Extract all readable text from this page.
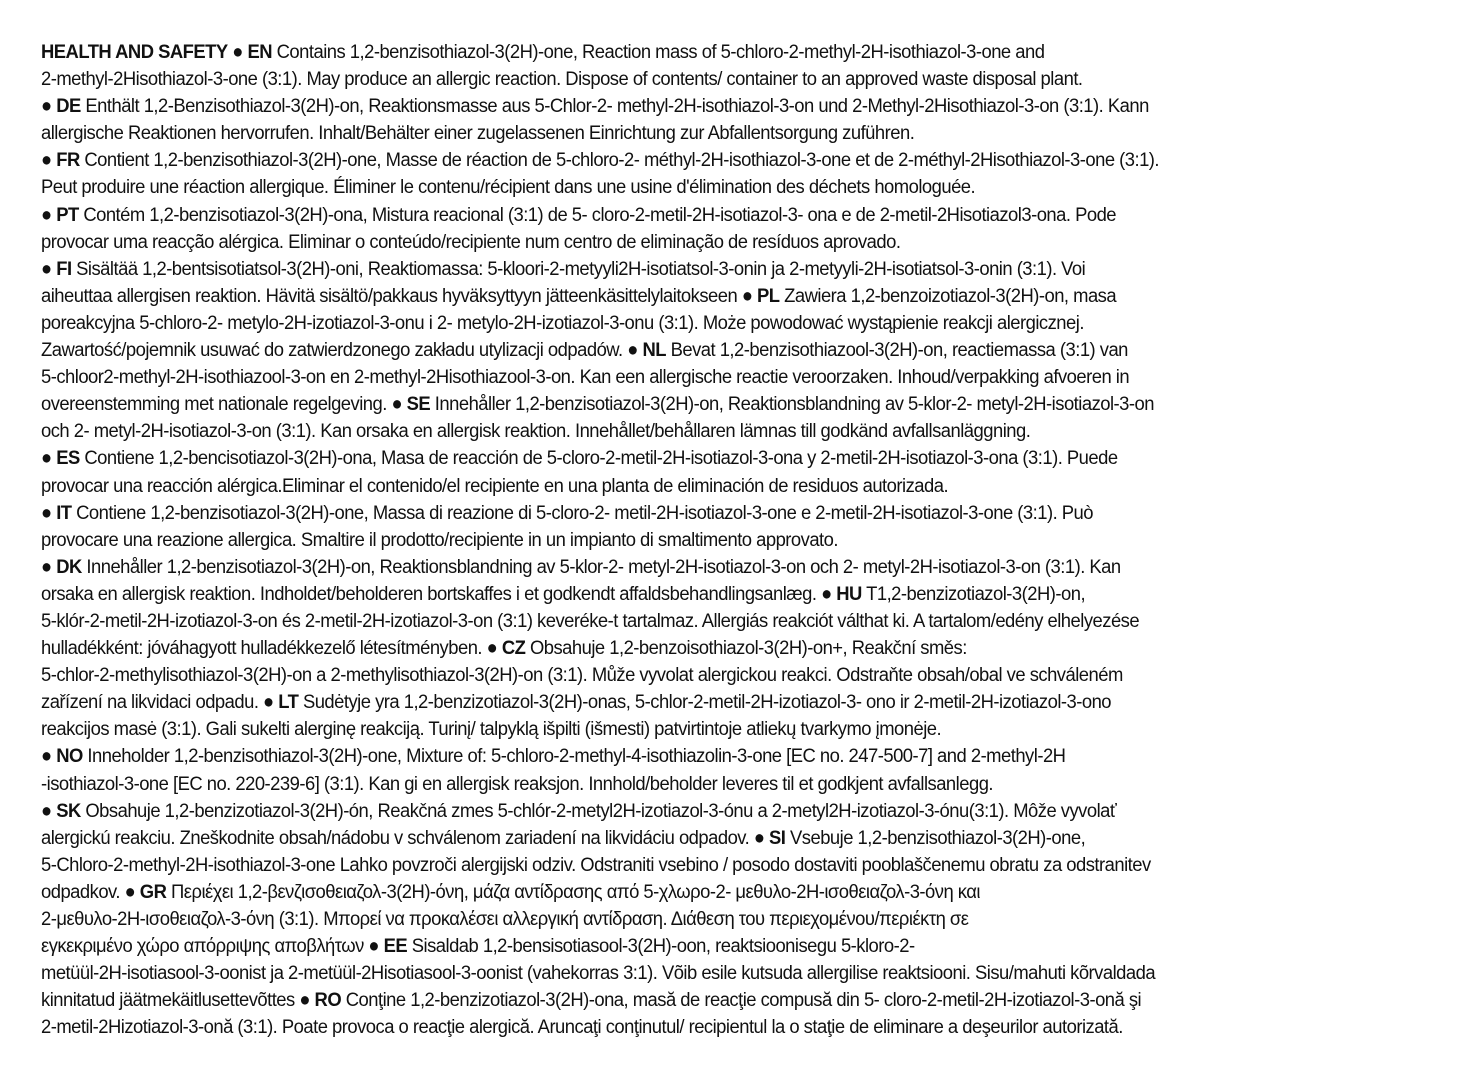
HEALTH AND SAFETY ● EN Contains 1,2-benzisothiazol-3(2H)-one, Reaction mass of 5-chloro-2-methyl-2H-isothiazol-3-one and
2-methyl-2Hisothiazol-3-one (3:1). May produce an allergic reaction. Dispose of contents/ container to an approved waste disposal plant.
● DE Enthält 1,2-Benzisothiazol-3(2H)-on, Reaktionsmasse aus 5-Chlor-2- methyl-2H-isothiazol-3-on und 2-Methyl-2Hisothiazol-3-on (3:1). Kann
allergische Reaktionen hervorrufen. Inhalt/Behälter einer zugelassenen Einrichtung zur Abfallentsorgung zuführen.
● FR Contient 1,2-benzisothiazol-3(2H)-one, Masse de réaction de 5-chloro-2- méthyl-2H-isothiazol-3-one et de 2-méthyl-2Hisothiazol-3-one (3:1).
Peut produire une réaction allergique. Éliminer le contenu/récipient dans une usine d'élimination des déchets homologuée.
● PT Contém 1,2-benzisotiazol-3(2H)-ona, Mistura reacional (3:1) de 5- cloro-2-metil-2H-isotiazol-3- ona e de 2-metil-2Hisotiazol3-ona. Pode
provocar uma reacção alérgica. Eliminar o conteúdo/recipiente num centro de eliminação de resíduos aprovado.
● FI Sisältää 1,2-bentsisotiatsol-3(2H)-oni, Reaktiomassa: 5-kloori-2-metyyli2H-isotiatsol-3-onin ja 2-metyyli-2H-isotiatsol-3-onin (3:1). Voi
aiheuttaa allergisen reaktion. Hävitä sisältö/pakkaus hyväksyttyyn jätteenkäsittelylaitokseen ● PL Zawiera 1,2-benzoizotiazol-3(2H)-on, masa
poreakcyjna 5-chloro-2- metylo-2H-izotiazol-3-onu i 2- metylo-2H-izotiazol-3-onu (3:1). Może powodować wystąpienie reakcji alergicznej.
Zawartość/pojemnik usuwać do zatwierdzonego zakładu utylizacji odpadów. ● NL Bevat 1,2-benzisothiazool-3(2H)-on, reactiemassa (3:1) van
5-chloor2-methyl-2H-isothiazool-3-on en 2-methyl-2Hisothiazool-3-on. Kan een allergische reactie veroorzaken. Inhoud/verpakking afvoeren in
overeenstemming met nationale regelgeving. ● SE Innehåller 1,2-benzisotiazol-3(2H)-on, Reaktionsblandning av 5-klor-2- metyl-2H-isotiazol-3-on
och 2- metyl-2H-isotiazol-3-on (3:1). Kan orsaka en allergisk reaktion. Innehållet/behållaren lämnas till godkänd avfallsanläggning.
● ES Contiene 1,2-bencisotiazol-3(2H)-ona, Masa de reacción de 5-cloro-2-metil-2H-isotiazol-3-ona y 2-metil-2H-isotiazol-3-ona (3:1). Puede
provocar una reacción alérgica.Eliminar el contenido/el recipiente en una planta de eliminación de residuos autorizada.
● IT Contiene 1,2-benzisotiazol-3(2H)-one, Massa di reazione di 5-cloro-2- metil-2H-isotiazol-3-one e 2-metil-2H-isotiazol-3-one (3:1). Può
provocare una reazione allergica. Smaltire il prodotto/recipiente in un impianto di smaltimento approvato.
● DK Innehåller 1,2-benzisotiazol-3(2H)-on, Reaktionsblandning av 5-klor-2- metyl-2H-isotiazol-3-on och 2- metyl-2H-isotiazol-3-on (3:1). Kan
orsaka en allergisk reaktion. Indholdet/beholderen bortskaffes i et godkendt affaldsbehandlingsanlæg. ● HU T1,2-benzizotiazol-3(2H)-on,
5-klór-2-metil-2H-izotiazol-3-on és 2-metil-2H-izotiazol-3-on (3:1) keveréke-t tartalmaz. Allergiás reakciót válthat ki. A tartalom/edény elhelyezése
hulladékként: jóváhagyott hulladékkezelő létesítményben. ● CZ Obsahuje 1,2-benzoisothiazol-3(2H)-on+, Reakční směs:
5-chlor-2-methylisothiazol-3(2H)-on a 2-methylisothiazol-3(2H)-on (3:1). Může vyvolat alergickou reakci. Odstraňte obsah/obal ve schváleném
zařízení na likvidaci odpadu. ● LT Sudėtyje yra 1,2-benzizotiazol-3(2H)-onas, 5-chlor-2-metil-2H-izotiazol-3- ono ir 2-metil-2H-izotiazol-3-ono
reakcijos masė (3:1). Gali sukelti alerginę reakciją. Turinį/ talpyklą išpilti (išmesti) patvirtintoje atliekų tvarkymo įmonėje.
● NO Inneholder 1,2-benzisothiazol-3(2H)-one, Mixture of: 5-chloro-2-methyl-4-isothiazolin-3-one [EC no. 247-500-7] and 2-methyl-2H
-isothiazol-3-one [EC no. 220-239-6] (3:1). Kan gi en allergisk reaksjon. Innhold/beholder leveres til et godkjent avfallsanlegg.
● SK Obsahuje 1,2-benzizotiazol-3(2H)-ón, Reakčná zmes 5-chlór-2-metyl2H-izotiazol-3-ónu a 2-metyl2H-izotiazol-3-ónu(3:1). Môže vyvolať
alergickú reakciu. Zneškodnite obsah/nádobu v schválenom zariadení na likvidáciu odpadov. ● SI Vsebuje 1,2-benzisothiazol-3(2H)-one,
5-Chloro-2-methyl-2H-isothiazol-3-one Lahko povzroči alergijski odziv. Odstraniti vsebino / posodo dostaviti pooblaščenemu obratu za odstranitev
odpadkov. ● GR Περιέχει 1,2-βενζισοθειαζολ-3(2Η)-όνη, μάζα αντίδρασης από 5-χλωρο-2- μεθυλο-2Η-ισοθειαζολ-3-όνη και
2-μεθυλο-2Η-ισοθειαζολ-3-όνη (3:1). Μπορεί να προκαλέσει αλλεργική αντίδραση. Διάθεση του περιεχομένου/περιέκτη σε
εγκεκριμένο χώρο απόρριψης αποβλήτων ● EE Sisaldab 1,2-bensisotiasool-3(2H)-oon, reaktsioonisegu 5-kloro-2-
metüül-2H-isotiasool-3-oonist ja 2-metüül-2Hisotiasool-3-oonist (vahekorras 3:1). Võib esile kutsuda allergilise reaktsiooni. Sisu/mahuti kõrvaldada
kinnitatud jäätmekäitlusettevõttes ● RO Conţine 1,2-benzizotiazol-3(2H)-ona, masă de reacţie compusă din 5- cloro-2-metil-2H-izotiazol-3-onă şi
2-metil-2Hizotiazol-3-onă (3:1). Poate provoca o reacţie alergică. Aruncaţi conţinutul/ recipientul la o staţie de eliminare a deşeurilor autorizată.
